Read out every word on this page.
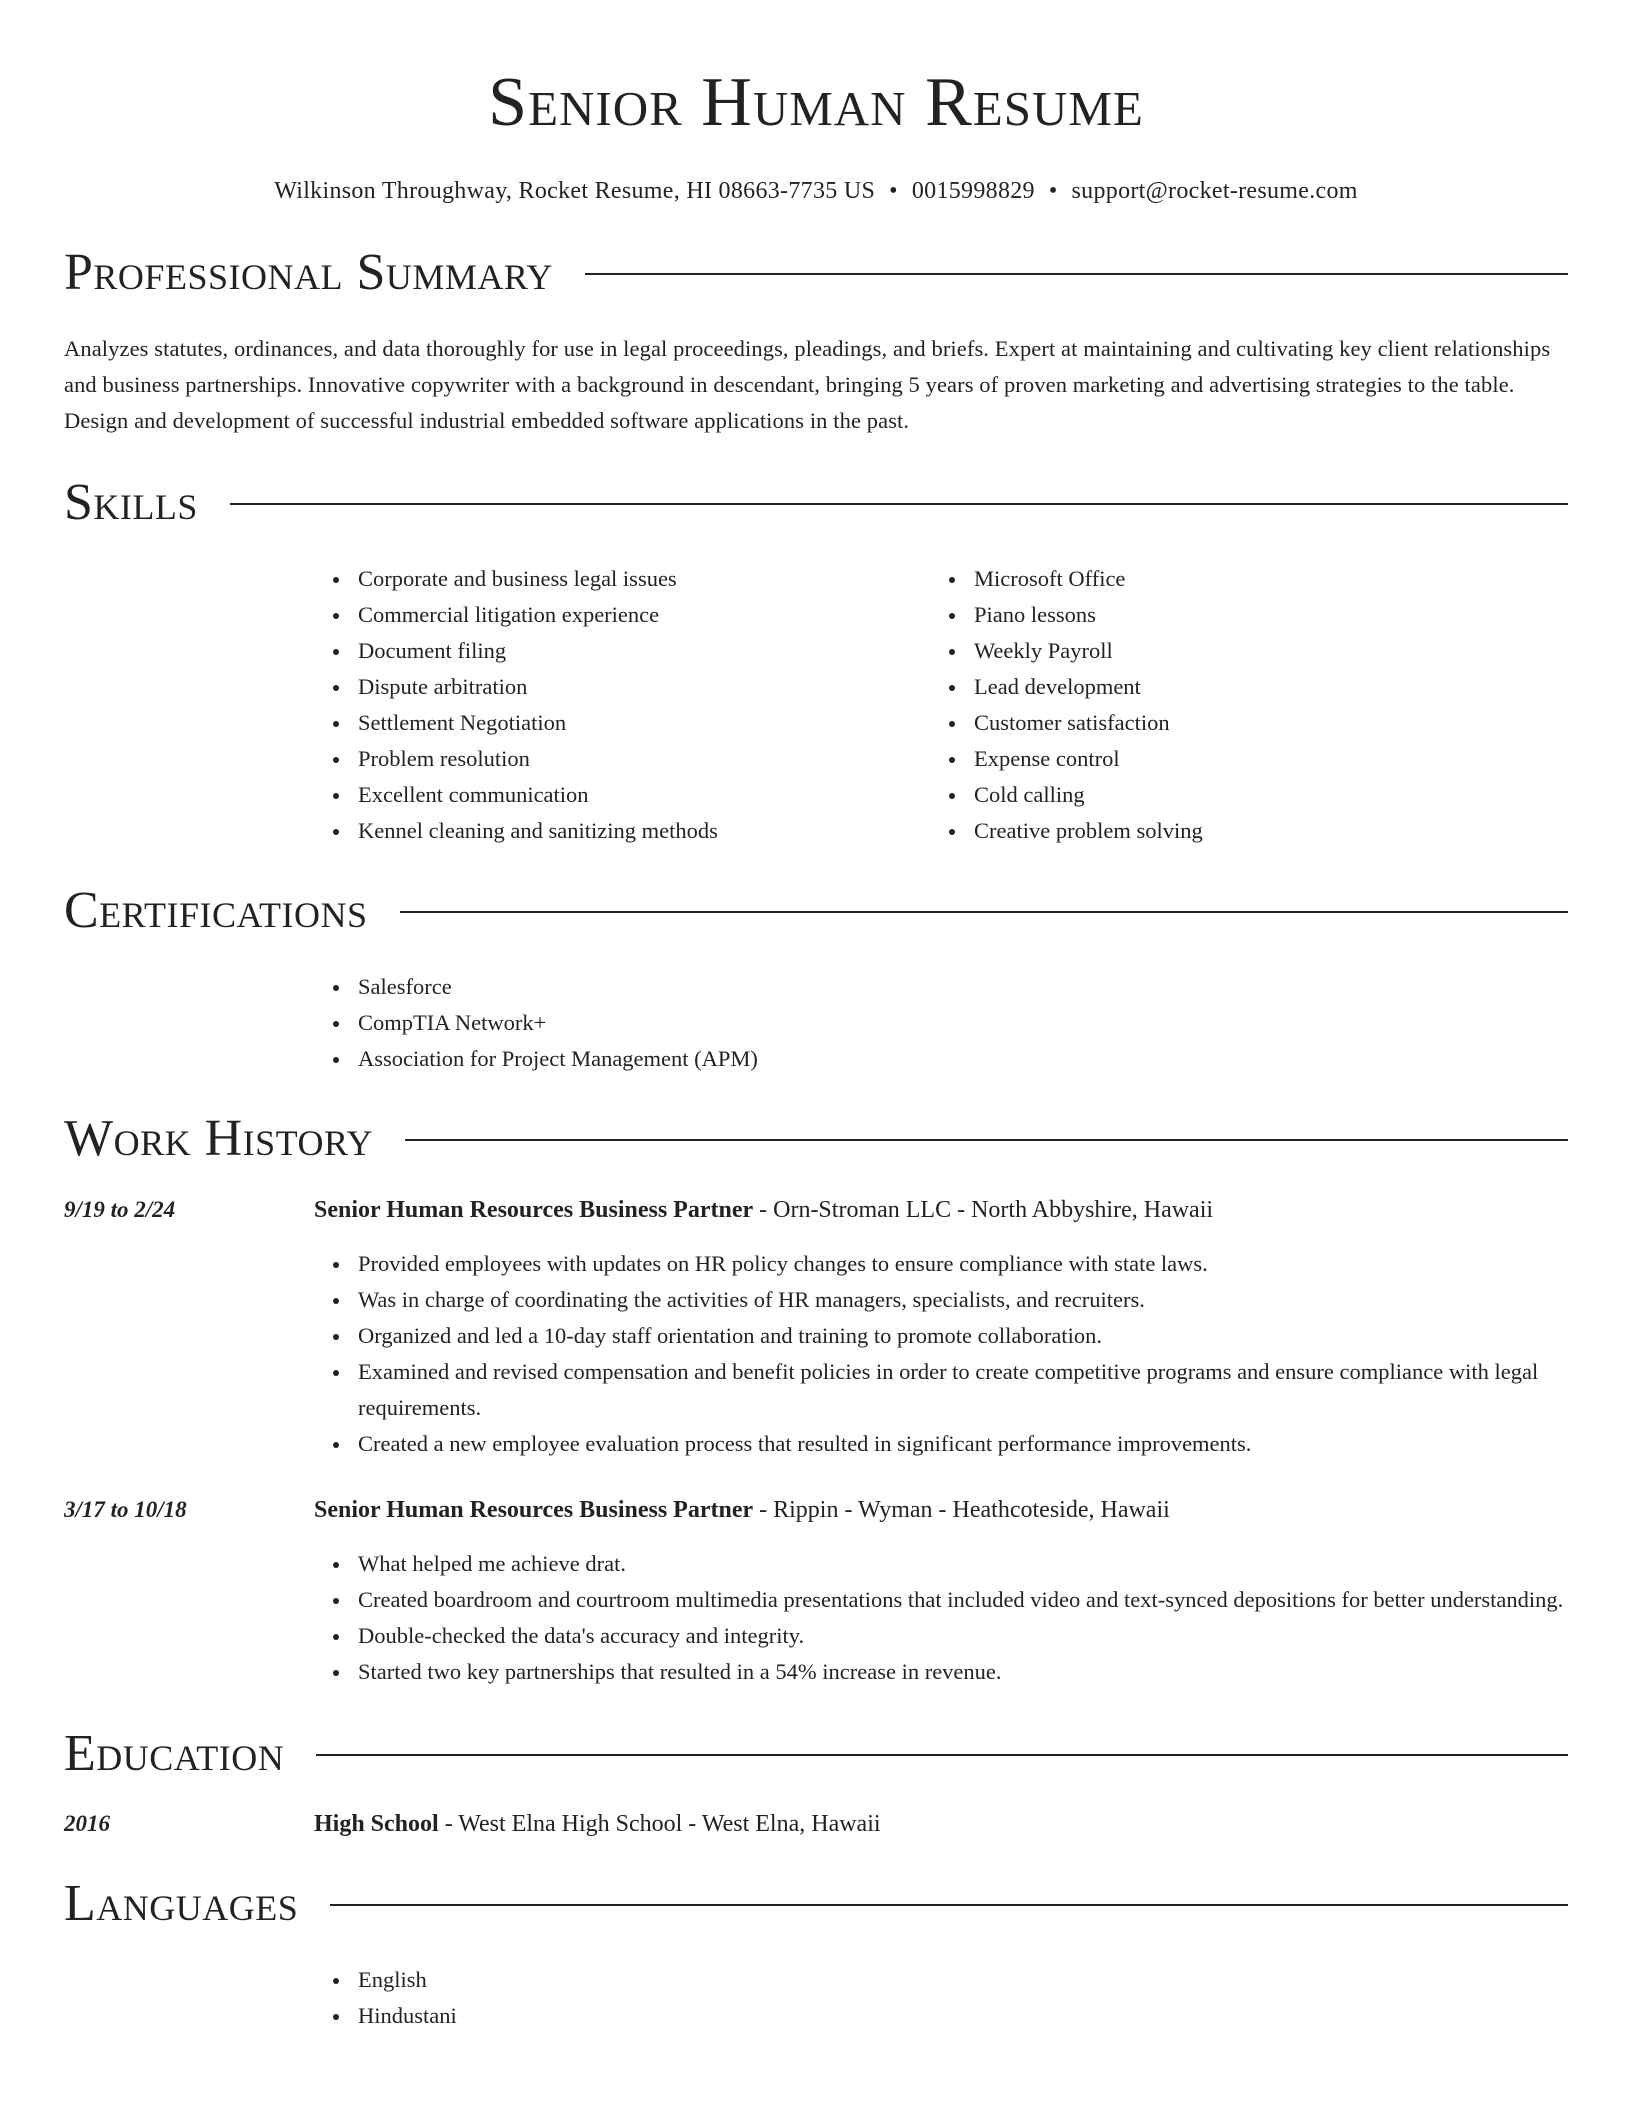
Senior Human Resume
Wilkinson Throughway, Rocket Resume, HI 08663-7735 US • 0015998829 • support@rocket-resume.com
Professional Summary

Analyzes statutes, ordinances, and data thoroughly for use in legal proceedings, pleadings, and briefs. Expert at maintaining and cultivating key client relationships and business partnerships. Innovative copywriter with a background in descendant, bringing 5 years of proven marketing and advertising strategies to the table. Design and development of successful industrial embedded software applications in the past.

Skills
Corporate and business legal issues
Commercial litigation experience
Document filing
Dispute arbitration
Settlement Negotiation
Problem resolution
Excellent communication
Kennel cleaning and sanitizing methods
Microsoft Office
Piano lessons
Weekly Payroll
Lead development
Customer satisfaction
Expense control
Cold calling
Creative problem solving
Certifications
Salesforce
CompTIA Network+
Association for Project Management (APM)
Work History
9/19 to 2/24	Senior Human Resources Business Partner - Orn-Stroman LLC - North Abbyshire, Hawaii
Provided employees with updates on HR policy changes to ensure compliance with state laws.
Was in charge of coordinating the activities of HR managers, specialists, and recruiters.
Organized and led a 10-day staff orientation and training to promote collaboration.
Examined and revised compensation and benefit policies in order to create competitive programs and ensure compliance with legal requirements.
Created a new employee evaluation process that resulted in significant performance improvements.
3/17 to 10/18	Senior Human Resources Business Partner - Rippin - Wyman - Heathcoteside, Hawaii
What helped me achieve drat.
Created boardroom and courtroom multimedia presentations that included video and text-synced depositions for better understanding.
Double-checked the data's accuracy and integrity.
Started two key partnerships that resulted in a 54% increase in revenue.
Education
2016	High School - West Elna High School - West Elna, Hawaii
Languages
English
Hindustani
